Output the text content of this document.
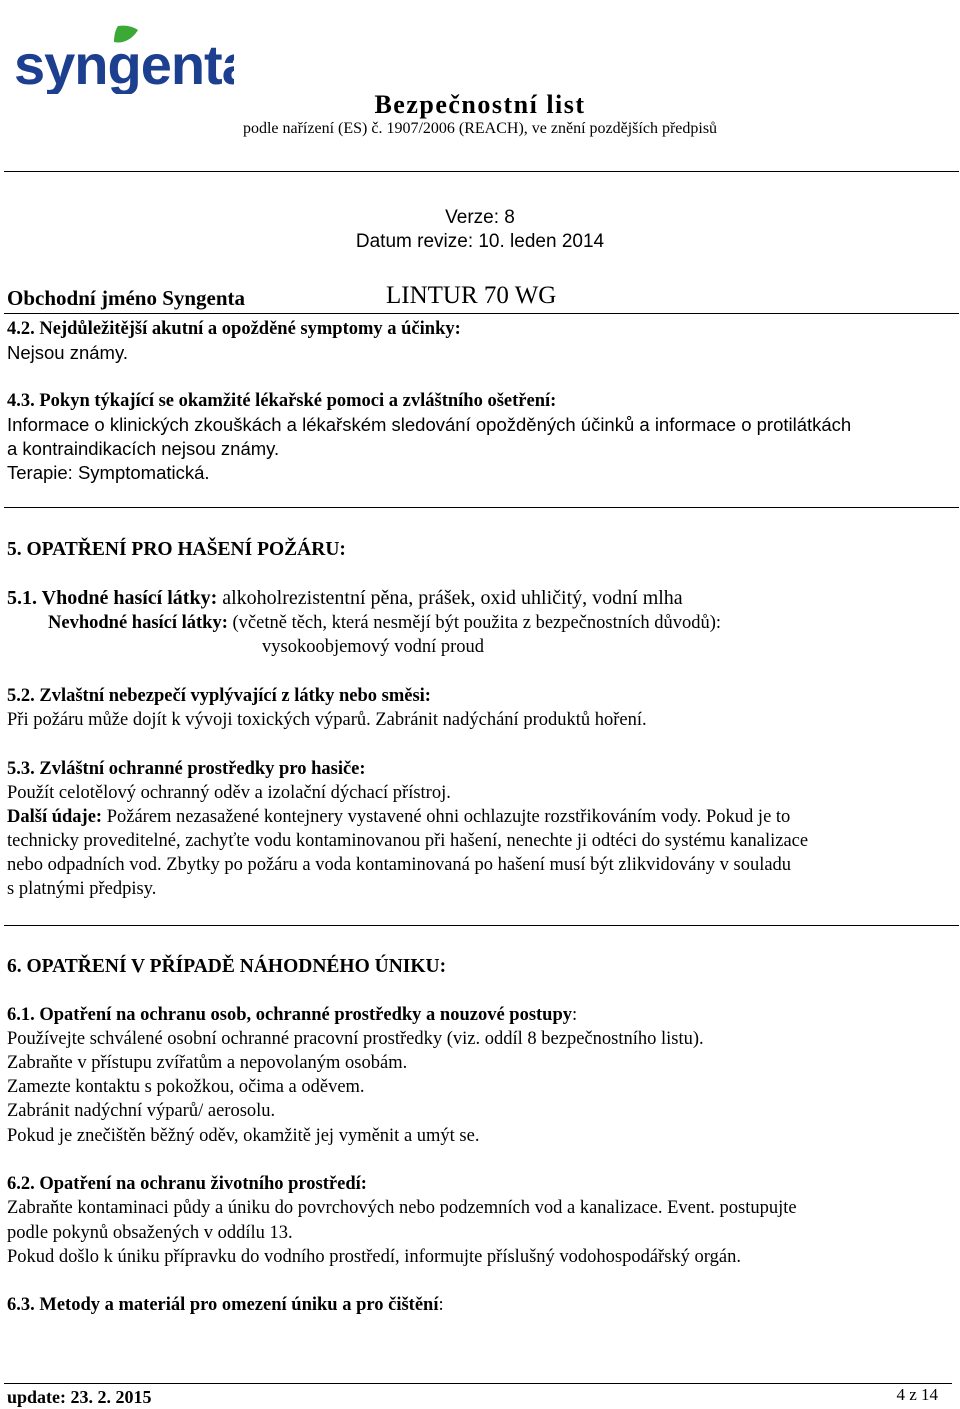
syngenta
Bezpečnostní list
podle nařízení (ES) č. 1907/2006 (REACH), ve znění pozdějších předpisů
Verze: 8
Datum revize: 10. leden 2014
Obchodní jméno Syngenta	LINTUR 70 WG
4.2. Nejdůležitější akutní a opožděné symptomy a účinky:
Nejsou známy.
4.3. Pokyn týkající se okamžité lékařské pomoci a zvláštního ošetření:
Informace o klinických zkouškách a lékařském sledování opožděných účinků a informace o protilátkách
a kontraindikacích nejsou známy.
Terapie: Symptomatická.
5. OPATŘENÍ PRO HAŠENÍ POŽÁRU:
5.1. Vhodné hasící látky: alkoholrezistentní pěna, prášek, oxid uhličitý, vodní mlha
Nevhodné hasící látky: (včetně těch, která nesmějí být použita z bezpečnostních důvodů):
vysokoobjemový vodní proud
5.2. Zvlaštní nebezpečí vyplývající z látky nebo směsi:
Při požáru může dojít k vývoji toxických výparů. Zabránit nadýchání produktů hoření.
5.3. Zvláštní ochranné prostředky pro hasiče:
Použít celotělový ochranný oděv a izolační dýchací přístroj.
Další údaje: Požárem nezasažené kontejnery vystavené ohni ochlazujte rozstřikováním vody. Pokud je to
technicky proveditelné, zachyťte vodu kontaminovanou při hašení, nenechte ji odtéci do systému kanalizace
nebo odpadních vod. Zbytky po požáru a voda kontaminovaná po hašení musí být zlikvidovány v souladu
s platnými předpisy.
6. OPATŘENÍ V PŘÍPADĚ NÁHODNÉHO ÚNIKU:
6.1. Opatření na ochranu osob, ochranné prostředky a nouzové postupy:
Používejte schválené osobní ochranné pracovní prostředky (viz. oddíl 8 bezpečnostního listu).
Zabraňte v přístupu zvířatům a nepovolaným osobám.
Zamezte kontaktu s pokožkou, očima a oděvem.
Zabránit nadýchní výparů/ aerosolu.
Pokud je znečištěn běžný oděv, okamžitě jej vyměnit a umýt se.
6.2. Opatření na ochranu životního prostředí:
Zabraňte kontaminaci půdy a úniku do povrchových nebo podzemních vod a kanalizace. Event. postupujte
podle pokynů obsažených v oddílu 13.
Pokud došlo k úniku přípravku do vodního prostředí, informujte příslušný vodohospodářský orgán.
6.3. Metody a materiál pro omezení úniku a pro čištění:
update: 23. 2. 2015	4 z 14
